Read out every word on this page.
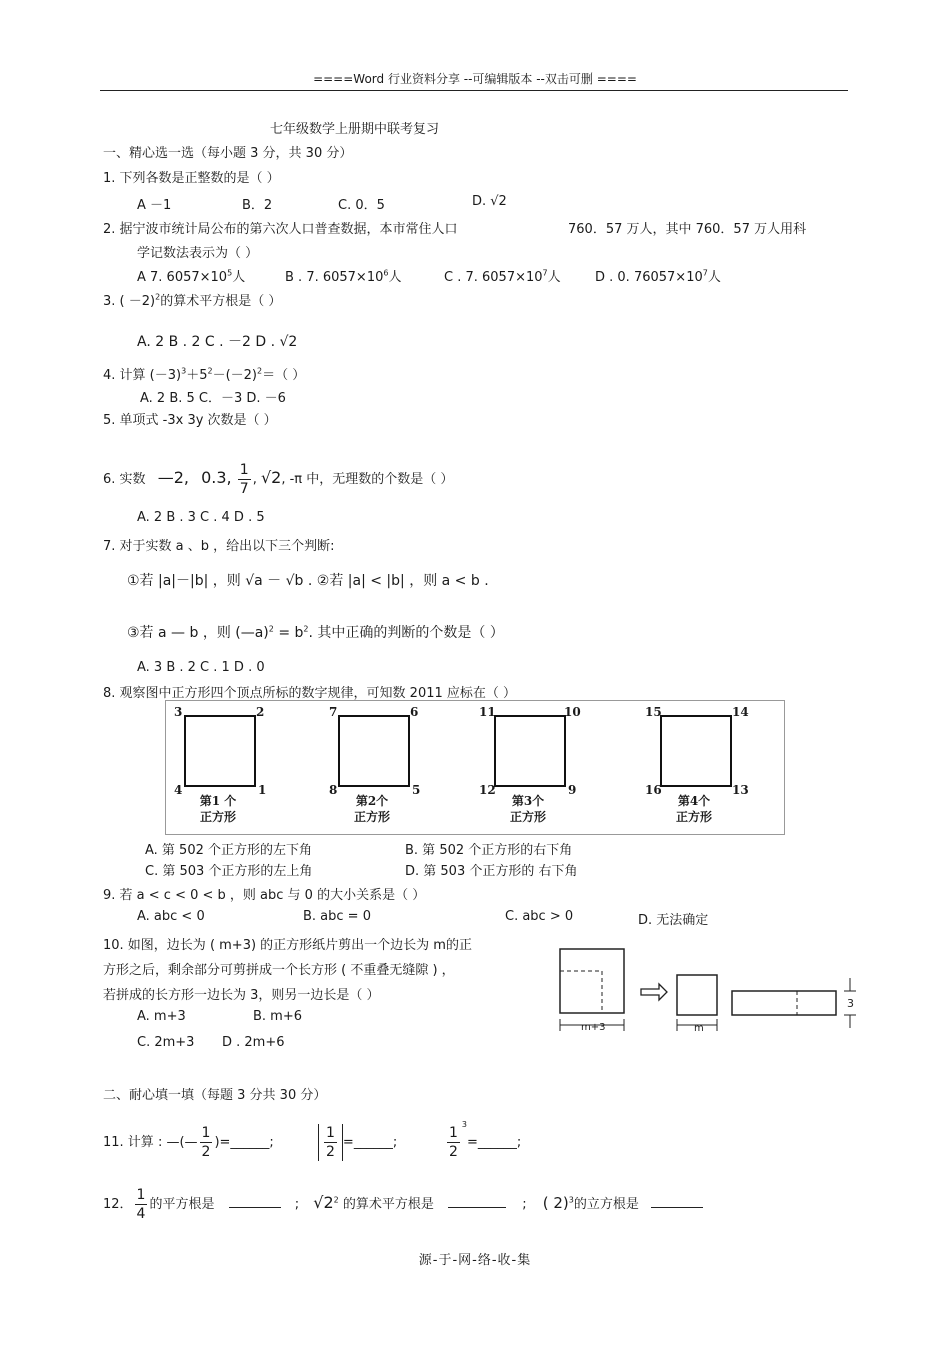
====Word 行业资料分享 --可编辑版本 --双击可删 ====
七年级数学上册期中联考复习
一、精心选一选（每小题 3 分，共 30 分）
1. 下列各数是正整数的是（ ）
A －1	B．2	C. 0．5	D. √2
2. 据宁波市统计局公布的第六次人口普查数据，本市常住人口	760．57 万人，其中 760．57 万人用科
学记数法表示为（ ）
A 7. $6057\times 10^5$人	B . 7. $6057\times 10^6$人	C . 7. $6057\times 10^7$人	D . 0. $76057\times 10^7$人
3. ( －2)$^2$的算术平方根是（ ）
A. 2 B . 2 C . －2 D . √2
4. 计算 $(-3)^3+5^2-(-2)^2=$（ ）
A. 2 B. 5 C．－3 D. －6
5. 单项式 -3x 3y 次数是（ ）
6. 实数 —2, 0.3, $\frac{1}{7}$ , √2, -π 中，无理数的个数是（ ）
A. 2 B . 3 C . 4 D . 5
7. 对于实数 a 、b ，给出以下三个判断:
①若 |a|－|b| ，则 √a － √b . ②若 |a| < |b| ，则 a < b .
③若 a — b ，则 (—a)$^2$ = $b^2$. 其中正确的判断的个数是（ ）
A. 3 B . 2 C . 1 D . 0
8. 观察图中正方形四个顶点所标的数字规律，可知数 2011 应标在（ ）
3	2
4	1
第1 个
正方形
7	6
8	5
第2个
正方形
11	10
12	9
第3个
正方形
15	14
16	13
第4个
正方形
A. 第 502 个正方形的左下角	B. 第 502 个正方形的右下角
C. 第 503 个正方形的左上角	D. 第 503 个正方形的 右下角
9. 若 a < c < 0 < b ，则 abc 与 0 的大小关系是（ ）
A. abc < 0	B. abc = 0	C. abc > 0	D. 无法确定
10. 如图，边长为 ( m+3) 的正方形纸片剪出一个边长为 m的正
方形之后，剩余部分可剪拼成一个长方形 ( 不重叠无缝隙 ) ，
若拼成的长方形一边长为 3，则另一边长是（ ）
A. m+3	B. m+6
C. 2m+3 D . 2m+6
m+3	m
3
二、耐心填一填（每题 3 分共 30 分）
11. 计算 : —(— $\frac{1}{2}$ )=______;	$\frac{1}{2}$ =______;	$\frac{1}{2}$ $^3$=______;
12． $\frac{1}{4}$ 的平方根是	; $√2^2$ 的算术平方根是	; ( 2)$^3$的立方根是
源-于-网-络-收-集
